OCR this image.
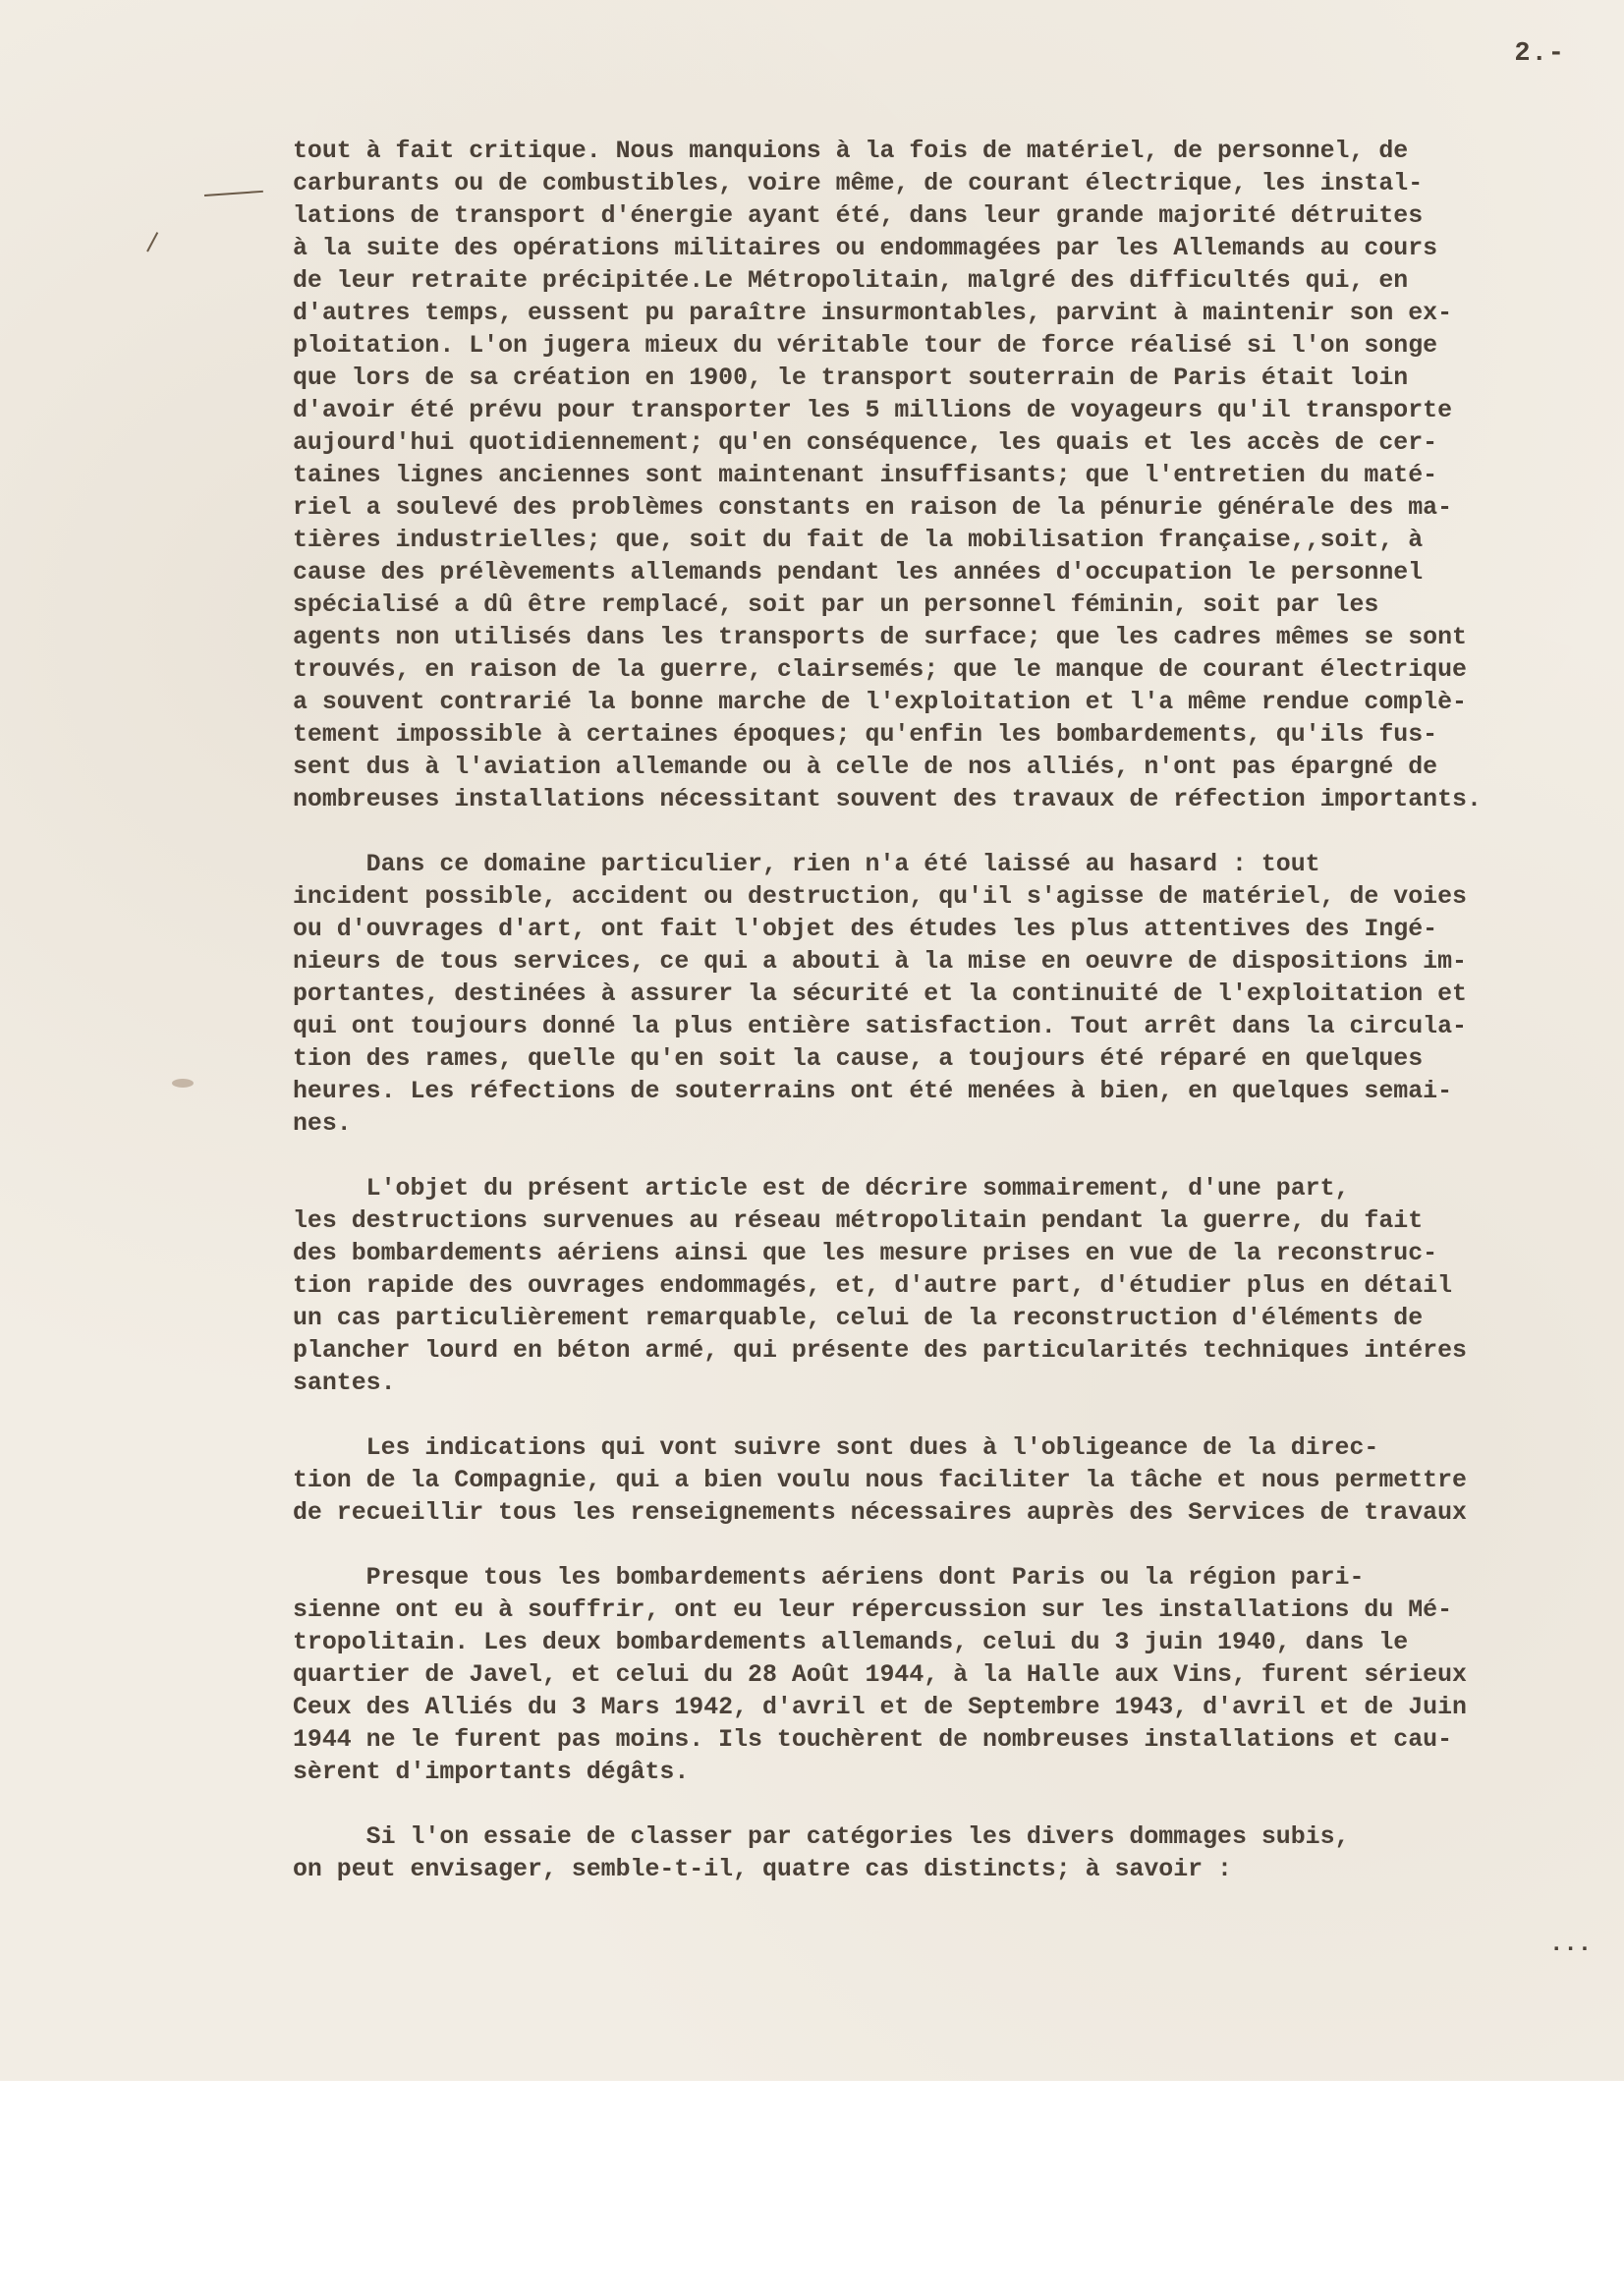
2.-
tout à fait critique. Nous manquions à la fois de matériel, de personnel, de
carburants ou de combustibles, voire même, de courant électrique, les instal-
lations de transport d'énergie ayant été, dans leur grande majorité détruites
à la suite des opérations militaires ou endommagées par les Allemands au cours
de leur retraite précipitée.Le Métropolitain, malgré des difficultés qui, en
d'autres temps, eussent pu paraître insurmontables, parvint à maintenir son ex-
ploitation. L'on jugera mieux du véritable tour de force réalisé si l'on songe
que lors de sa création en 1900, le transport souterrain de Paris était loin
d'avoir été prévu pour transporter les 5 millions de voyageurs qu'il transporte
aujourd'hui quotidiennement; qu'en conséquence, les quais et les accès de cer-
taines lignes anciennes sont maintenant insuffisants; que l'entretien du maté-
riel a soulevé des problèmes constants en raison de la pénurie générale des ma-
tières industrielles; que, soit du fait de la mobilisation française,,soit, à
cause des prélèvements allemands pendant les années d'occupation le personnel
spécialisé a dû être remplacé, soit par un personnel féminin, soit par les
agents non utilisés dans les transports de surface; que les cadres mêmes se sont
trouvés, en raison de la guerre, clairsemés; que le manque de courant électrique
a souvent contrarié la bonne marche de l'exploitation et l'a même rendue complè-
tement impossible à certaines époques; qu'enfin les bombardements, qu'ils fus-
sent dus à l'aviation allemande ou à celle de nos alliés, n'ont pas épargné de
nombreuses installations nécessitant souvent des travaux de réfection importants.
Dans ce domaine particulier, rien n'a été laissé au hasard : tout
incident possible, accident ou destruction, qu'il s'agisse de matériel, de voies
ou d'ouvrages d'art, ont fait l'objet des études les plus attentives des Ingé-
nieurs de tous services, ce qui a abouti à la mise en oeuvre de dispositions im-
portantes, destinées à assurer la sécurité et la continuité de l'exploitation et
qui ont toujours donné la plus entière satisfaction. Tout arrêt dans la circula-
tion des rames, quelle qu'en soit la cause, a toujours été réparé en quelques
heures. Les réfections de souterrains ont été menées à bien, en quelques semai-
nes.
L'objet du présent article est de décrire sommairement, d'une part,
les destructions survenues au réseau métropolitain pendant la guerre, du fait
des bombardements aériens ainsi que les mesure prises en vue de la reconstruc-
tion rapide des ouvrages endommagés, et, d'autre part, d'étudier plus en détail
un cas particulièrement remarquable, celui de la reconstruction d'éléments de
plancher lourd en béton armé, qui présente des particularités techniques intéres
santes.
Les indications qui vont suivre sont dues à l'obligeance de la direc-
tion de la Compagnie, qui a bien voulu nous faciliter la tâche et nous permettre
de recueillir tous les renseignements nécessaires auprès des Services de travaux
Presque tous les bombardements aériens dont Paris ou la région pari-
sienne ont eu à souffrir, ont eu leur répercussion sur les installations du Mé-
tropolitain. Les deux bombardements allemands, celui du 3 juin 1940, dans le
quartier de Javel, et celui du 28 Août 1944, à la Halle aux Vins, furent sérieux
Ceux des Alliés du 3 Mars 1942, d'avril et de Septembre 1943, d'avril et de Juin
1944 ne le furent pas moins. Ils touchèrent de nombreuses installations et cau-
sèrent d'importants dégâts.
Si l'on essaie de classer par catégories les divers dommages subis,
on peut envisager, semble-t-il, quatre cas distincts; à savoir :
...
